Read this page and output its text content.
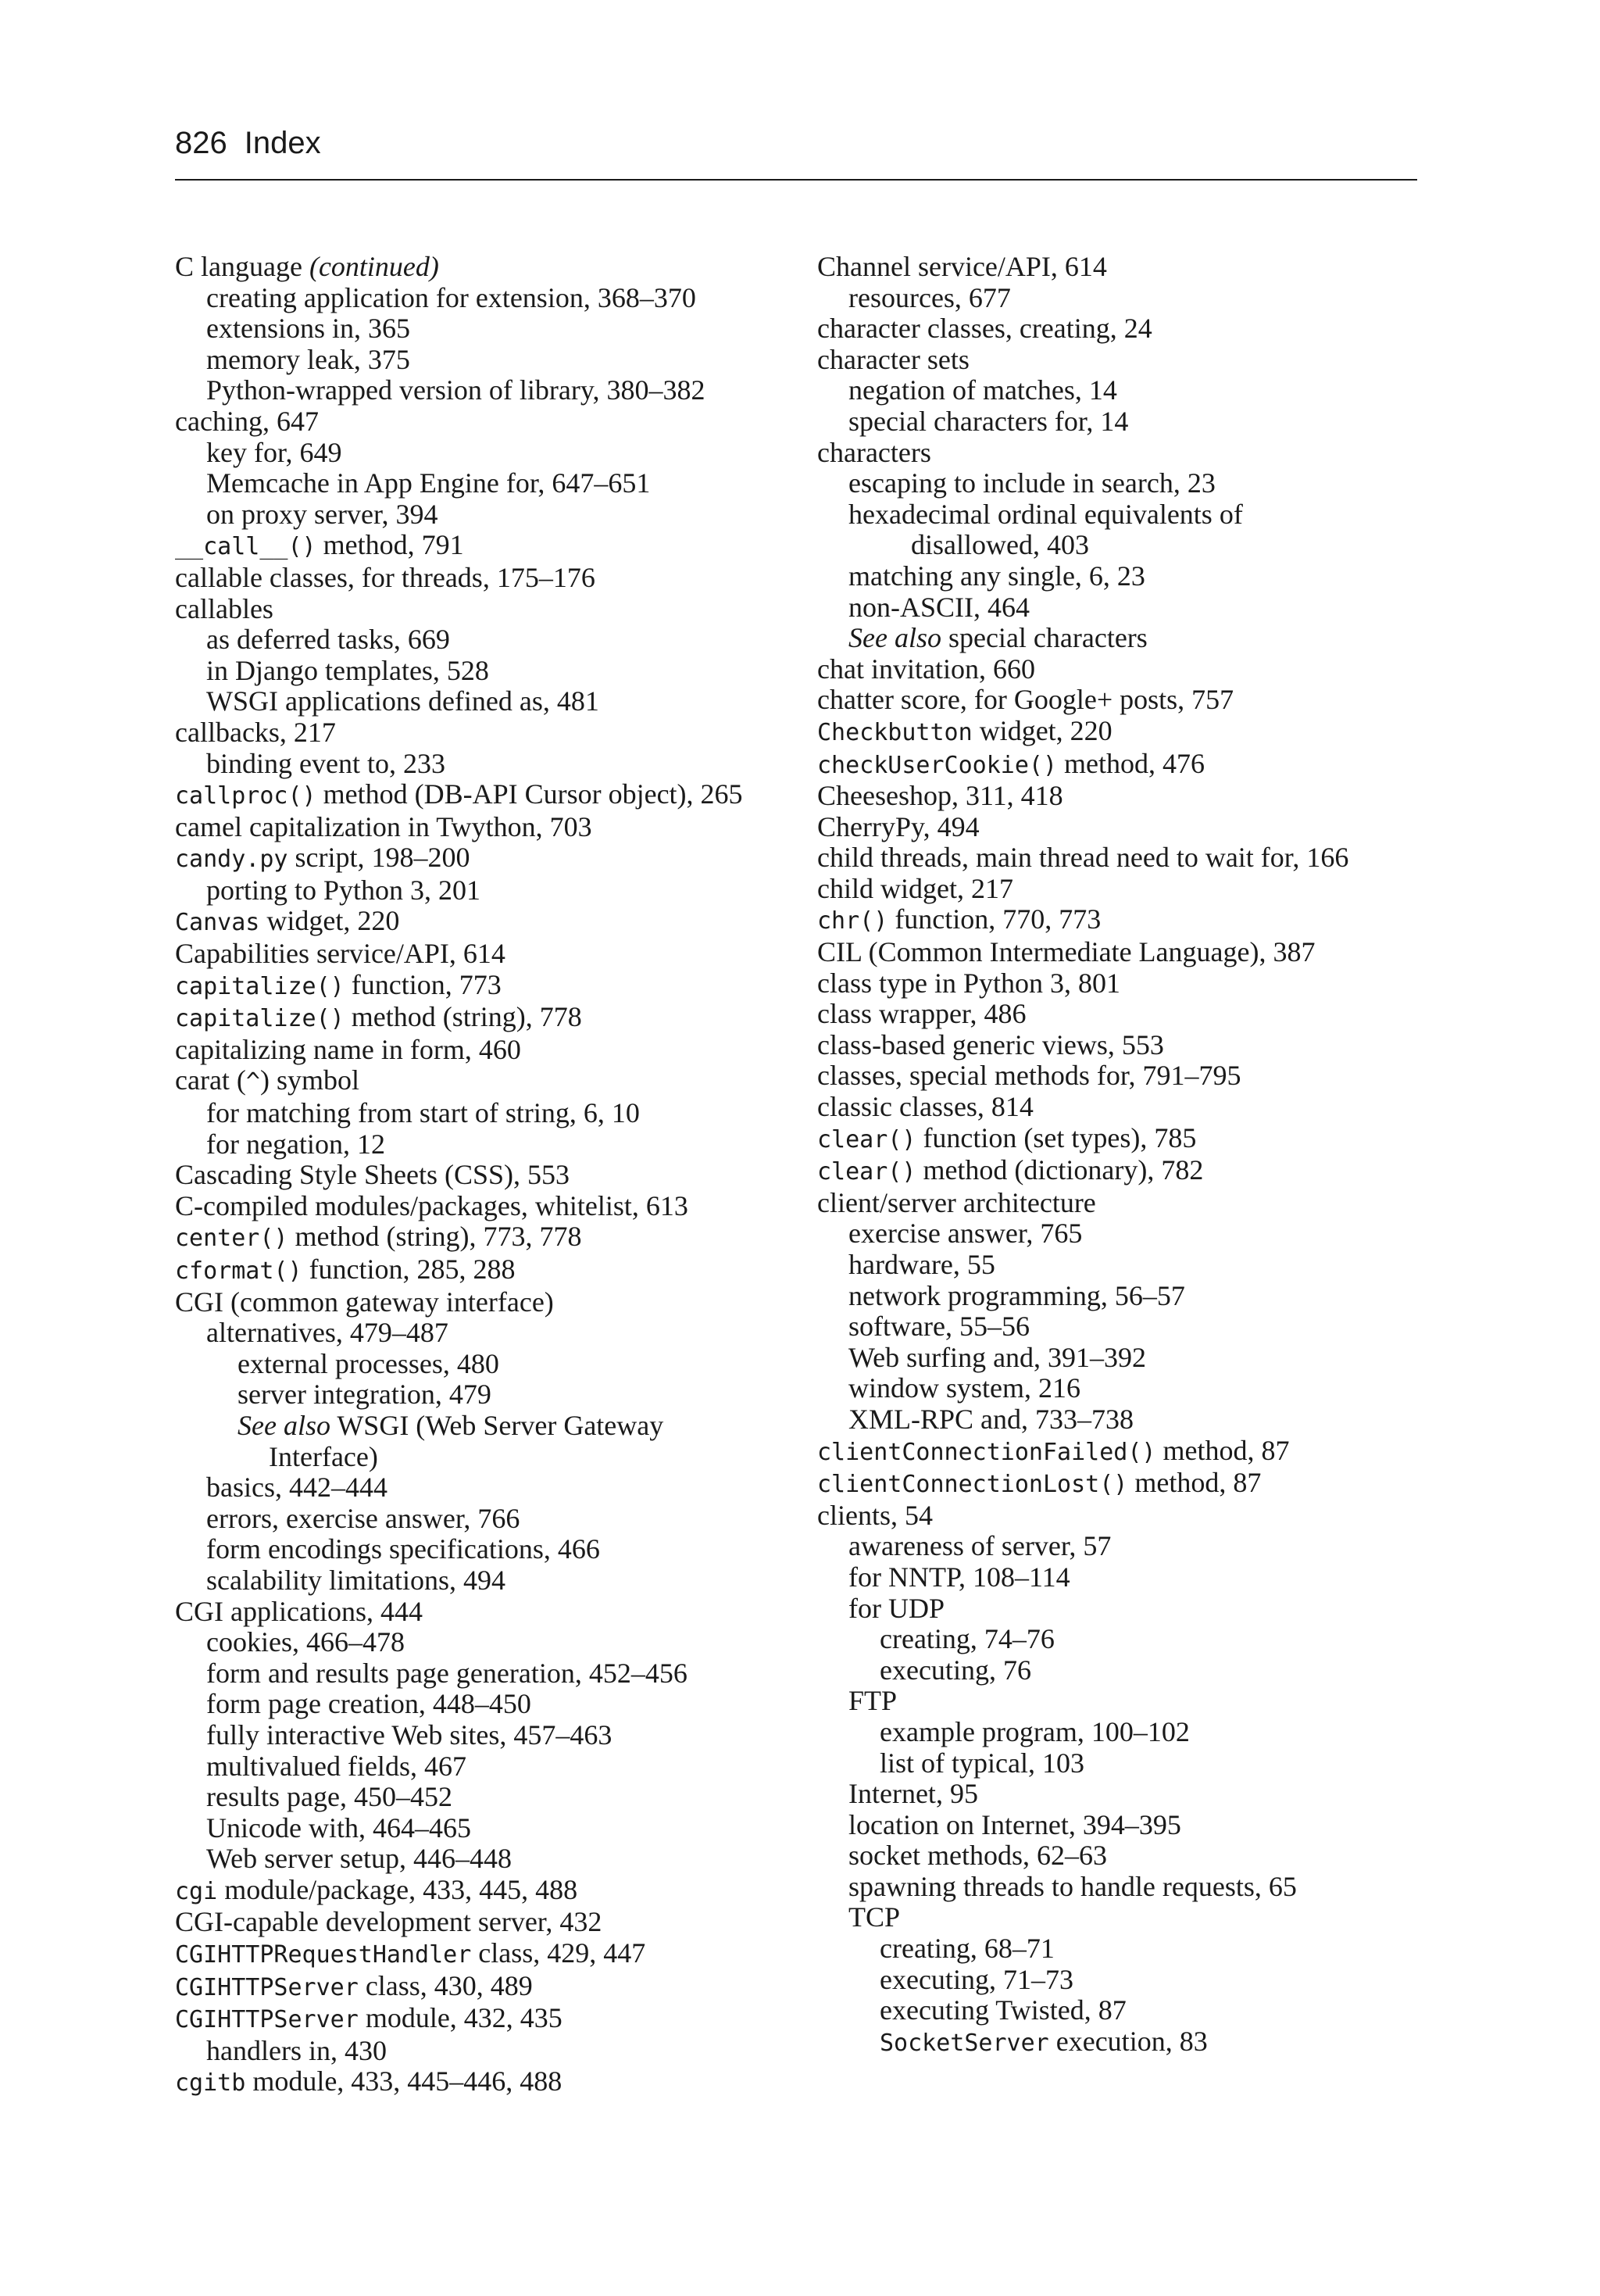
826 Index
C language (continued)
creating application for extension, 368–370
extensions in, 365
memory leak, 375
Python-wrapped version of library, 380–382
caching, 647
key for, 649
Memcache in App Engine for, 647–651
on proxy server, 394
__call__() method, 791
callable classes, for threads, 175–176
callables
as deferred tasks, 669
in Django templates, 528
WSGI applications defined as, 481
callbacks, 217
binding event to, 233
callproc() method (DB-API Cursor object), 265
camel capitalization in Twython, 703
candy.py script, 198–200
porting to Python 3, 201
Canvas widget, 220
Capabilities service/API, 614
capitalize() function, 773
capitalize() method (string), 778
capitalizing name in form, 460
carat (^) symbol
for matching from start of string, 6, 10
for negation, 12
Cascading Style Sheets (CSS), 553
C-compiled modules/packages, whitelist, 613
center() method (string), 773, 778
cformat() function, 285, 288
CGI (common gateway interface)
alternatives, 479–487
external processes, 480
server integration, 479
See also WSGI (Web Server Gateway
Interface)
basics, 442–444
errors, exercise answer, 766
form encodings specifications, 466
scalability limitations, 494
CGI applications, 444
cookies, 466–478
form and results page generation, 452–456
form page creation, 448–450
fully interactive Web sites, 457–463
multivalued fields, 467
results page, 450–452
Unicode with, 464–465
Web server setup, 446–448
cgi module/package, 433, 445, 488
CGI-capable development server, 432
CGIHTTPRequestHandler class, 429, 447
CGIHTTPServer class, 430, 489
CGIHTTPServer module, 432, 435
handlers in, 430
cgitb module, 433, 445–446, 488
Channel service/API, 614
resources, 677
character classes, creating, 24
character sets
negation of matches, 14
special characters for, 14
characters
escaping to include in search, 23
hexadecimal ordinal equivalents of
disallowed, 403
matching any single, 6, 23
non-ASCII, 464
See also special characters
chat invitation, 660
chatter score, for Google+ posts, 757
Checkbutton widget, 220
checkUserCookie() method, 476
Cheeseshop, 311, 418
CherryPy, 494
child threads, main thread need to wait for, 166
child widget, 217
chr() function, 770, 773
CIL (Common Intermediate Language), 387
class type in Python 3, 801
class wrapper, 486
class-based generic views, 553
classes, special methods for, 791–795
classic classes, 814
clear() function (set types), 785
clear() method (dictionary), 782
client/server architecture
exercise answer, 765
hardware, 55
network programming, 56–57
software, 55–56
Web surfing and, 391–392
window system, 216
XML-RPC and, 733–738
clientConnectionFailed() method, 87
clientConnectionLost() method, 87
clients, 54
awareness of server, 57
for NNTP, 108–114
for UDP
creating, 74–76
executing, 76
FTP
example program, 100–102
list of typical, 103
Internet, 95
location on Internet, 394–395
socket methods, 62–63
spawning threads to handle requests, 65
TCP
creating, 68–71
executing, 71–73
executing Twisted, 87
SocketServer execution, 83
